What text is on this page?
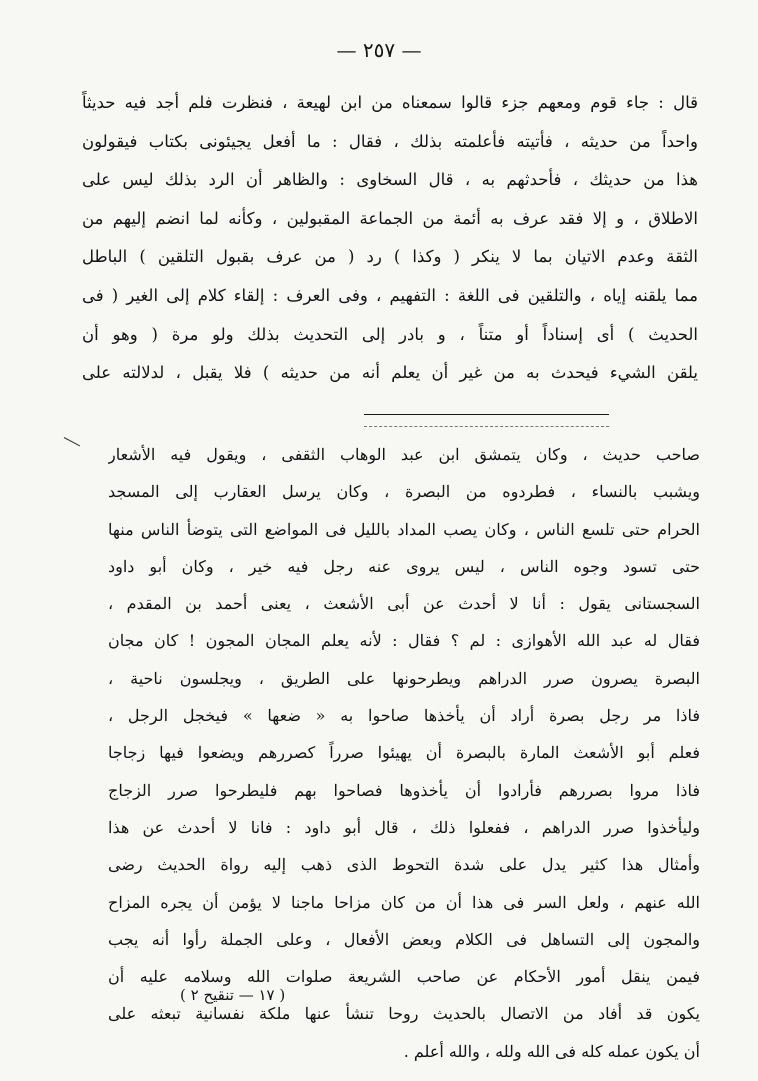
— ٢٥٧ —
قال : جاء قوم ومعهم جزء قالوا سمعناه من ابن لهيعة ، فنظرت فلم أجد فيه حديثاً
واحداً من حديثه ، فأتيته فأعلمته بذلك ، فقال : ما أفعل يجيئونى بكتاب فيقولون
هذا من حديثك ، فأحدثهم به ، قال السخاوى : والظاهر أن الرد بذلك ليس على
الاطلاق ، و إلا فقد عرف به أئمة من الجماعة المقبولين ، وكأنه لما انضم إليهم من
الثقة وعدم الاتيان بما لا ينكر ( وكذا ) رد ( من عرف بقبول التلقين ) الباطل
مما يلقنه إياه ، والتلقين فى اللغة : التفهيم ، وفى العرف : إلقاء كلام إلى الغير ( فى
الحديث ) أى إسناداً أو متناً ، و بادر إلى التحديث بذلك ولو مرة ( وهو أن
يلقن الشيء فيحدث به من غير أن يعلم أنه من حديثه ) فلا يقبل ، لدلالته على
صاحب حديث ، وكان يتمشق ابن عبد الوهاب الثقفى ، ويقول فيه الأشعار
ويشبب بالنساء ، فطردوه من البصرة ، وكان يرسل العقارب إلى المسجد
الحرام حتى تلسع الناس ، وكان يصب المداد بالليل فى المواضع التى يتوضأ الناس منها
حتى تسود وجوه الناس ، ليس يروى عنه رجل فيه خير ، وكان أبو داود
السجستانى يقول : أنا لا أحدث عن أبى الأشعث ، يعنى أحمد بن المقدم ،
فقال له عبد الله الأهوازى : لم ؟ فقال : لأنه يعلم المجان المجون ! كان مجان
البصرة يصرون صرر الدراهم ويطرحونها على الطريق ، ويجلسون ناحية ،
فاذا مر رجل بصرة أراد أن يأخذها صاحوا به « ضعها » فيخجل الرجل ،
فعلم أبو الأشعث المارة بالبصرة أن يهيئوا صرراً كصررهم ويضعوا فيها زجاجا
فاذا مروا بصررهم فأرادوا أن يأخذوها فصاحوا بهم فليطرحوا صرر الزجاج
وليأخذوا صرر الدراهم ، ففعلوا ذلك ، قال أبو داود : فانا لا أحدث عن هذا
وأمثال هذا كثير يدل على شدة التحوط الذى ذهب إليه رواة الحديث رضى
الله عنهم ، ولعل السر فى هذا أن من كان مزاحا ماجنا لا يؤمن أن يجره المزاح
والمجون إلى التساهل فى الكلام وبعض الأفعال ، وعلى الجملة رأوا أنه يجب
فيمن ينقل أمور الأحكام عن صاحب الشريعة صلوات الله وسلامه عليه أن
يكون قد أفاد من الاتصال بالحديث روحا تنشأ عنها ملكة نفسانية تبعثه على
أن يكون عمله كله فى الله ولله ، والله أعلم .
( ١٧ — تنقيح ٢ )
